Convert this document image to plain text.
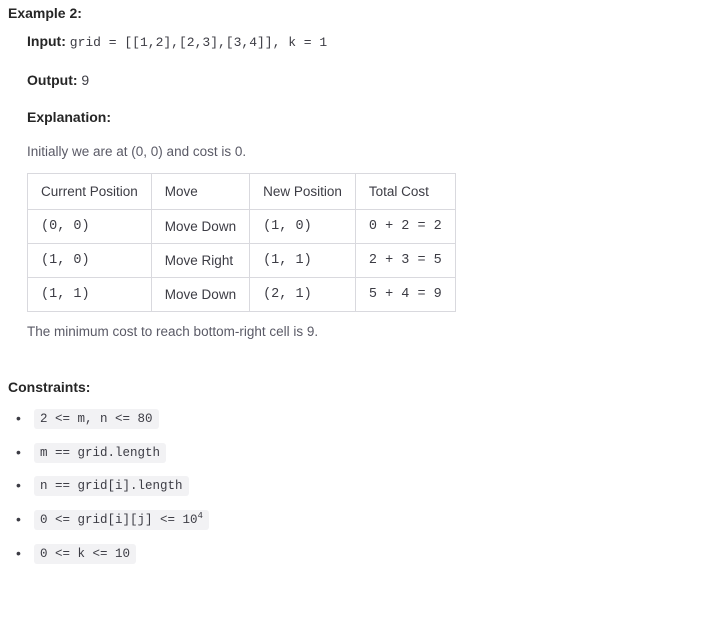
Example 2:
Input: grid = [[1,2],[2,3],[3,4]], k = 1
Output: 9
Explanation:
Initially we are at (0, 0) and cost is 0.
Current Position	Move	New Position	Total Cost
(0, 0)	Move Down	(1, 0)	0 + 2 = 2
(1, 0)	Move Right	(1, 1)	2 + 3 = 5
(1, 1)	Move Down	(2, 1)	5 + 4 = 9
The minimum cost to reach bottom-right cell is 9.
Constraints:
• 2 <= m, n <= 80
• m == grid.length
• n == grid[i].length
• 0 <= grid[i][j] <= $10^4$
• 0 <= k <= 10
